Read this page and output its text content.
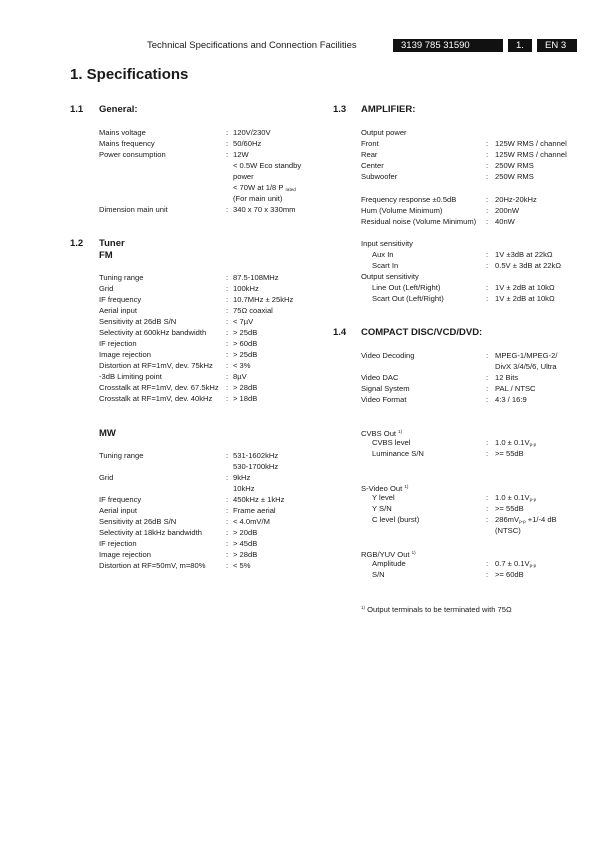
Technical Specifications and Connection Facilities	3139 785 31590	1.	EN 3
1. Specifications
1.1 General:
Mains voltage	: 120V/230V
Mains frequency	: 50/60Hz
Power consumption	: 12W
< 0.5W Eco standby
power
< 70W at 1/8 P $_{rated}$
(For main unit)
Dimension main unit	: 340 x 70 x 330mm
1.2 Tuner
FM
Tuning range	: 87.5-108MHz
Grid	: 100kHz
IF frequency	: 10.7MHz ± 25kHz
Aerial input	: 75Ω coaxial
Sensitivity at 26dB S/N	: < 7µV
Selectivity at 600kHz bandwidth	: > 25dB
IF rejection	: > 60dB
Image rejection	: > 25dB
Distortion at RF=1mV, dev. 75kHz : < 3%
-3dB Limiting point	: 8µV
Crosstalk at RF=1mV, dev. 67.5kHz : > 28dB
Crosstalk at RF=1mV, dev. 40kHz : > 18dB
MW
Tuning range	: 531-1602kHz
530-1700kHz
Grid	: 9kHz
10kHz
IF frequency	: 450kHz ± 1kHz
Aerial input	: Frame aerial
Sensitivity at 26dB S/N	: < 4.0mV/M
Selectivity at 18kHz bandwidth	: > 20dB
IF rejection	: > 45dB
Image rejection	: > 28dB
Distortion at RF=50mV, m=80%	: < 5%
1.3 AMPLIFIER:
Output power
Front	: 125W RMS / channel
Rear	: 125W RMS / channel
Center	: 250W RMS
Subwoofer	: 250W RMS
Frequency response ±0.5dB	: 20Hz-20kHz
Hum (Volume Minimum)	: 200nW
Residual noise (Volume Minimum) : 40nW
Input sensitivity
Aux In	: 1V ±3dB at 22kΩ
Scart In	: 0.5V ± 3dB at 22kΩ
Output sensitivity
Line Out (Left/Right)	: 1V ± 2dB at 10kΩ
Scart Out (Left/Right)	: 1V ± 2dB at 10kΩ
1.4 COMPACT DISC/VCD/DVD:
Video Decoding	: MPEG-1/MPEG-2/
DivX 3/4/5/6, Ultra
Video DAC	: 12 Bits
Signal System	: PAL / NTSC
Video Format	: 4:3 / 16:9
CVBS Out $^{1)}$
CVBS level	: $1.0 \pm 0.1V_{p-p}$
Luminance S/N	: >= 55dB
S-Video Out $^{1)}$
Y level	: $1.0 \pm 0.1V_{p-p}$
Y S/N	: >= 55dB
C level (burst)	: $286mV_{p-p} +1/-4$ dB
(NTSC)
RGB/YUV Out $^{1)}$
Amplitude	: $0.7 \pm 0.1V_{p-p}$
S/N	: >= 60dB
$^{1)}$ Output terminals to be terminated with 75Ω
